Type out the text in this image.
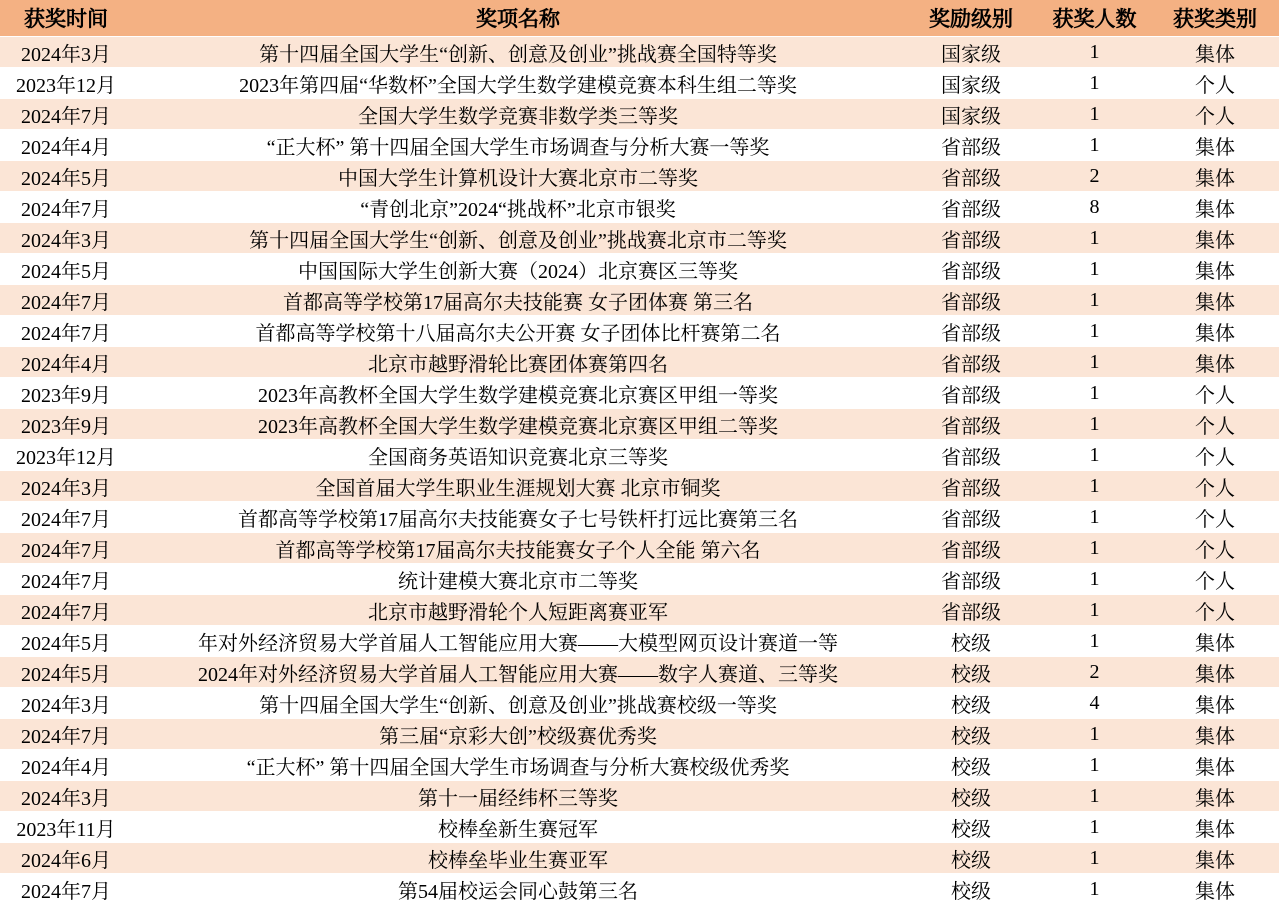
获奖时间	奖项名称	奖励级别	获奖人数	获奖类别
2024年3月	第十四届全国大学生“创新、创意及创业”挑战赛全国特等奖	国家级	1	集体
2023年12月	2023年第四届“华数杯”全国大学生数学建模竞赛本科生组二等奖	国家级	1	个人
2024年7月	全国大学生数学竞赛非数学类三等奖	国家级	1	个人
2024年4月	“正大杯” 第十四届全国大学生市场调查与分析大赛一等奖	省部级	1	集体
2024年5月	中国大学生计算机设计大赛北京市二等奖	省部级	2	集体
2024年7月	“青创北京”2024“挑战杯”北京市银奖	省部级	8	集体
2024年3月	第十四届全国大学生“创新、创意及创业”挑战赛北京市二等奖	省部级	1	集体
2024年5月	中国国际大学生创新大赛（2024）北京赛区三等奖	省部级	1	集体
2024年7月	首都高等学校第17届高尔夫技能赛 女子团体赛 第三名	省部级	1	集体
2024年7月	首都高等学校第十八届高尔夫公开赛 女子团体比杆赛第二名	省部级	1	集体
2024年4月	北京市越野滑轮比赛团体赛第四名	省部级	1	集体
2023年9月	2023年高教杯全国大学生数学建模竞赛北京赛区甲组一等奖	省部级	1	个人
2023年9月	2023年高教杯全国大学生数学建模竞赛北京赛区甲组二等奖	省部级	1	个人
2023年12月	全国商务英语知识竞赛北京三等奖	省部级	1	个人
2024年3月	全国首届大学生职业生涯规划大赛 北京市铜奖	省部级	1	个人
2024年7月	首都高等学校第17届高尔夫技能赛女子七号铁杆打远比赛第三名	省部级	1	个人
2024年7月	首都高等学校第17届高尔夫技能赛女子个人全能 第六名	省部级	1	个人
2024年7月	统计建模大赛北京市二等奖	省部级	1	个人
2024年7月	北京市越野滑轮个人短距离赛亚军	省部级	1	个人
2024年5月	年对外经济贸易大学首届人工智能应用大赛——大模型网页设计赛道一等	校级	1	集体
2024年5月	2024年对外经济贸易大学首届人工智能应用大赛——数字人赛道、三等奖	校级	2	集体
2024年3月	第十四届全国大学生“创新、创意及创业”挑战赛校级一等奖	校级	4	集体
2024年7月	第三届“京彩大创”校级赛优秀奖	校级	1	集体
2024年4月	“正大杯” 第十四届全国大学生市场调查与分析大赛校级优秀奖	校级	1	集体
2024年3月	第十一届经纬杯三等奖	校级	1	集体
2023年11月	校棒垒新生赛冠军	校级	1	集体
2024年6月	校棒垒毕业生赛亚军	校级	1	集体
2024年7月	第54届校运会同心鼓第三名	校级	1	集体
